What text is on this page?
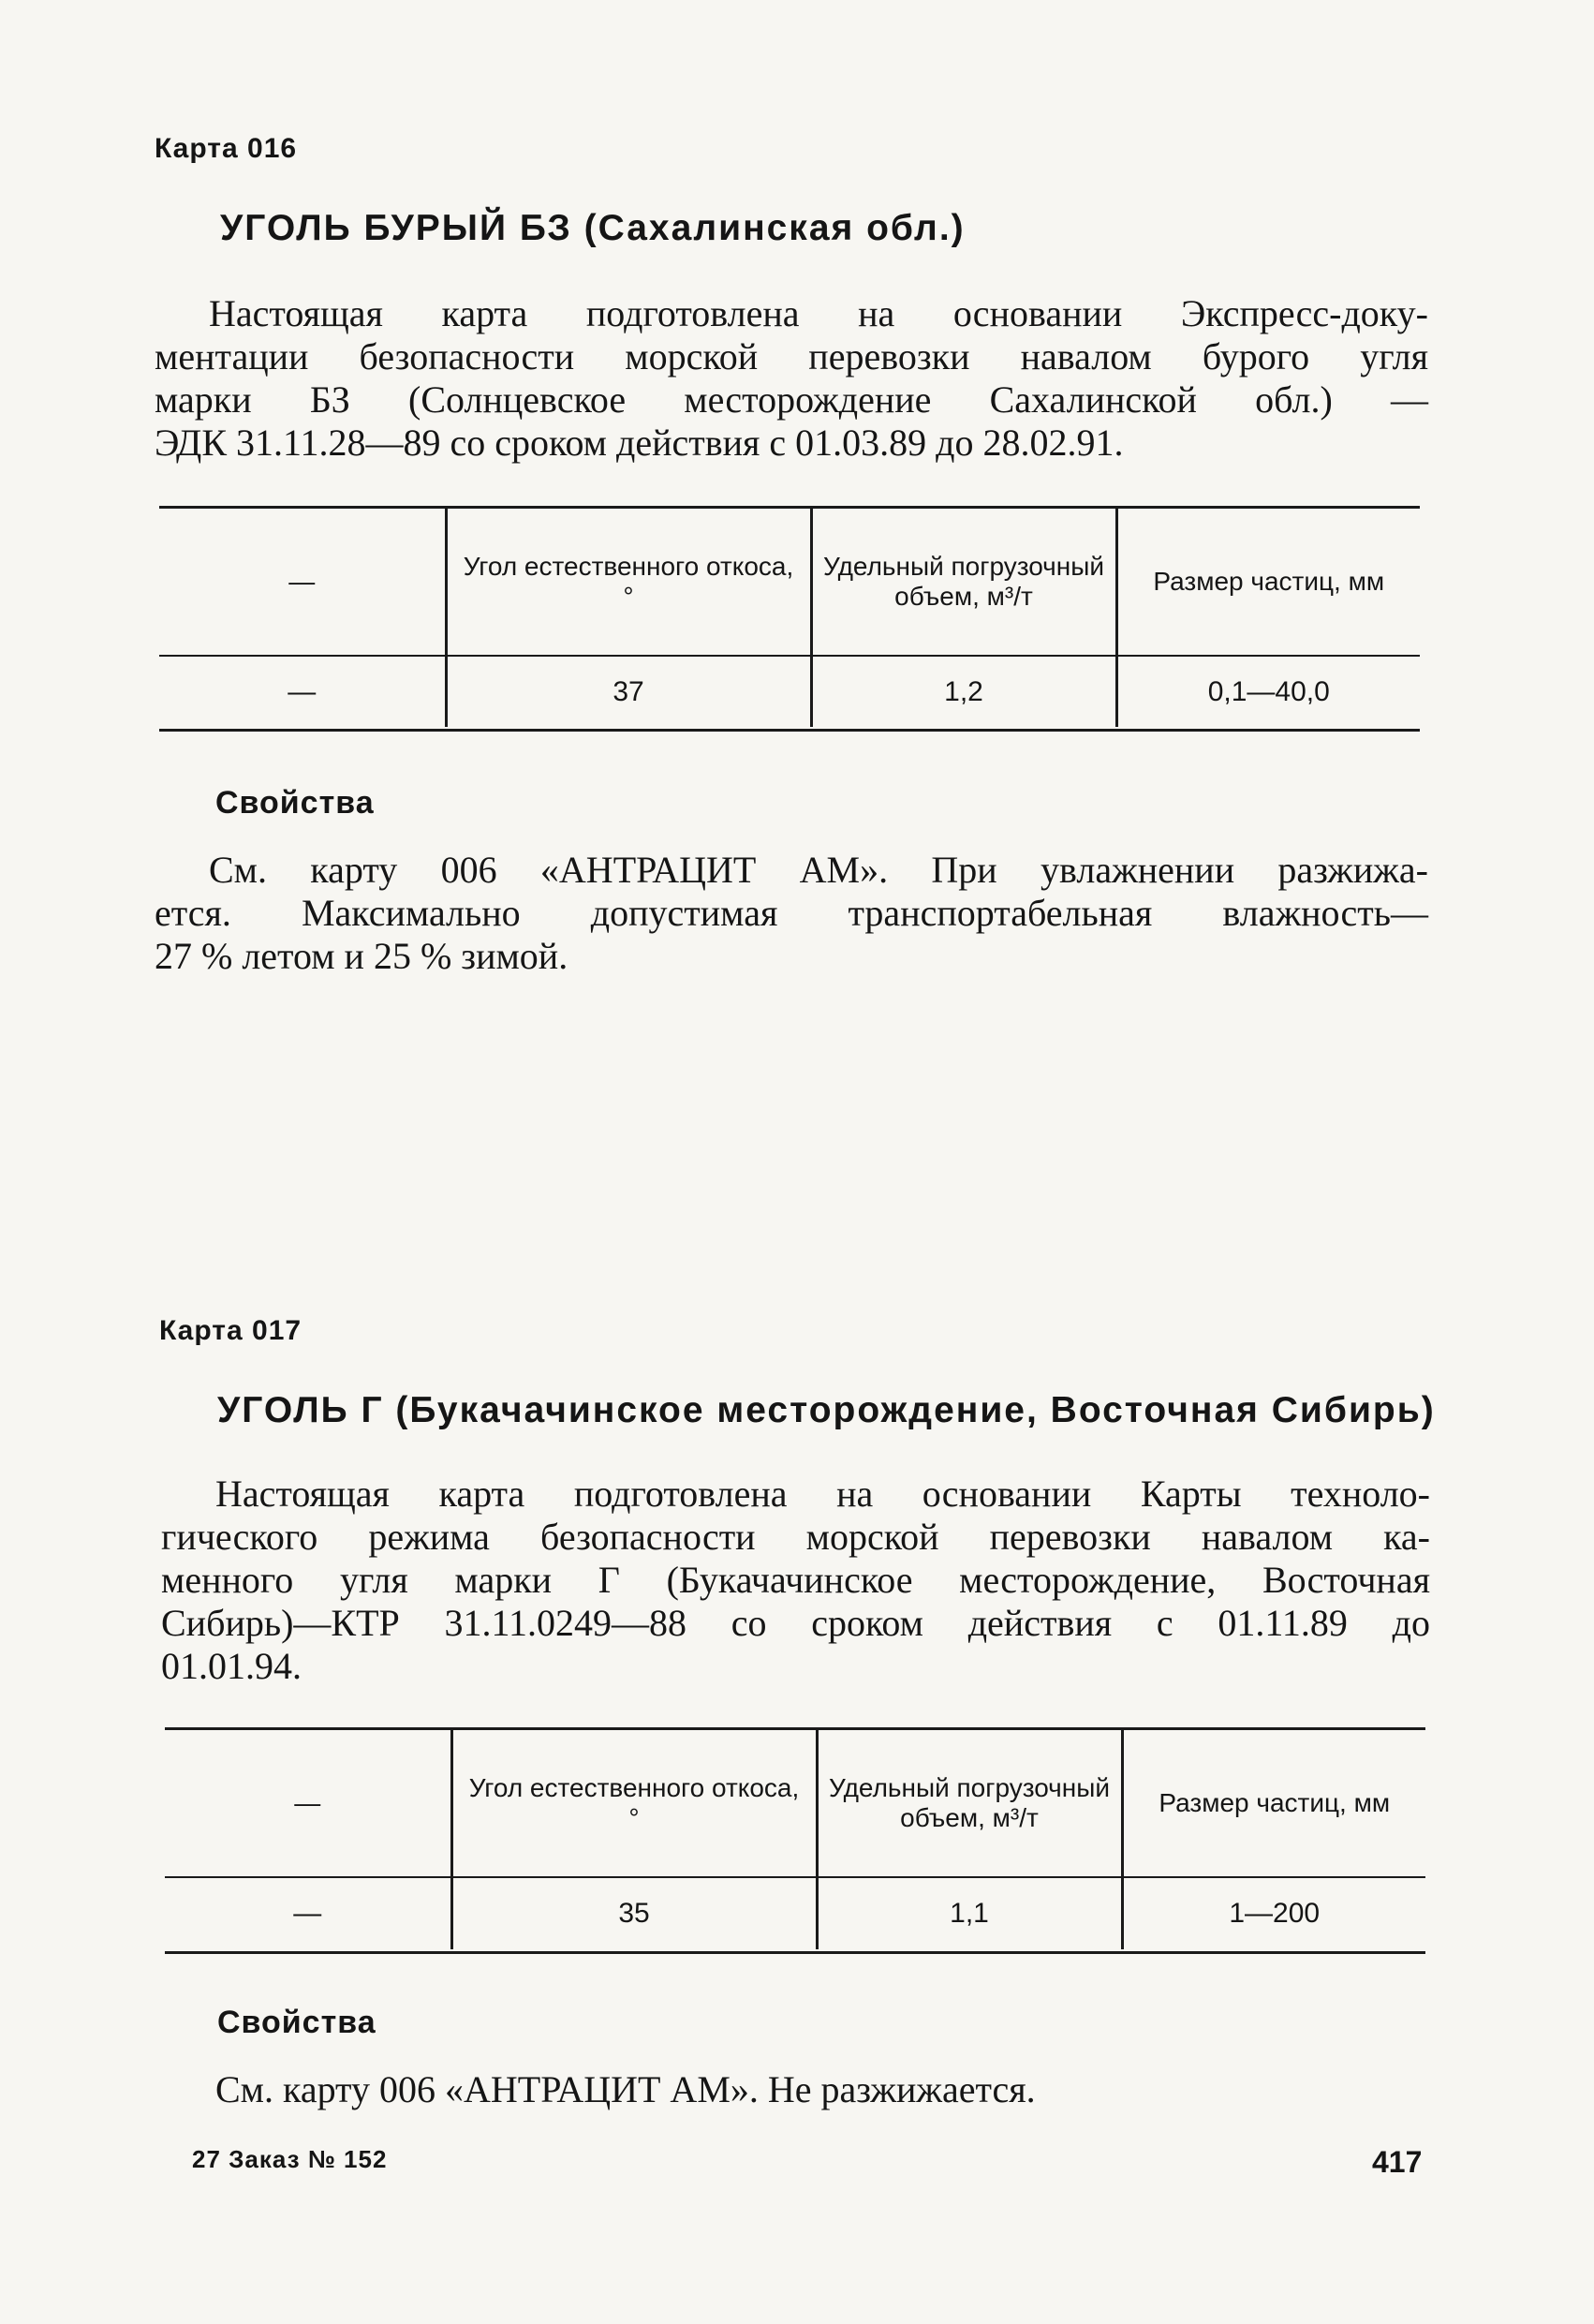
Карта 016
УГОЛЬ БУРЫЙ БЗ (Сахалинская обл.)
Настоящая карта подготовлена на основании Экспресс-доку-
ментации безопасности морской перевозки навалом бурого угля
марки БЗ (Солнцевское месторождение Сахалинской обл.) —
ЭДК 31.11.28—89 со сроком действия с 01.03.89 до 28.02.91.
—	Угол естественного откоса, °	Удельный погрузочный объем, м³/т	Размер частиц, мм
—	37	1,2	0,1—40,0
Свойства
См. карту 006 «АНТРАЦИТ АМ». При увлажнении разжижа-
ется. Максимально допустимая транспортабельная влажность—
27 % летом и 25 % зимой.
Карта 017
УГОЛЬ Г (Букачачинское месторождение, Восточная Сибирь)
Настоящая карта подготовлена на основании Карты техноло-
гического режима безопасности морской перевозки навалом ка-
менного угля марки Г (Букачачинское месторождение, Восточная
Сибирь)—КТР 31.11.0249—88 со сроком действия с 01.11.89 до
01.01.94.
—	Угол естественного откоса, °	Удельный погрузочный объем, м³/т	Размер частиц, мм
—	35	1,1	1—200
Свойства
См. карту 006 «АНТРАЦИТ АМ». Не разжижается.
27 Заказ № 152	417
